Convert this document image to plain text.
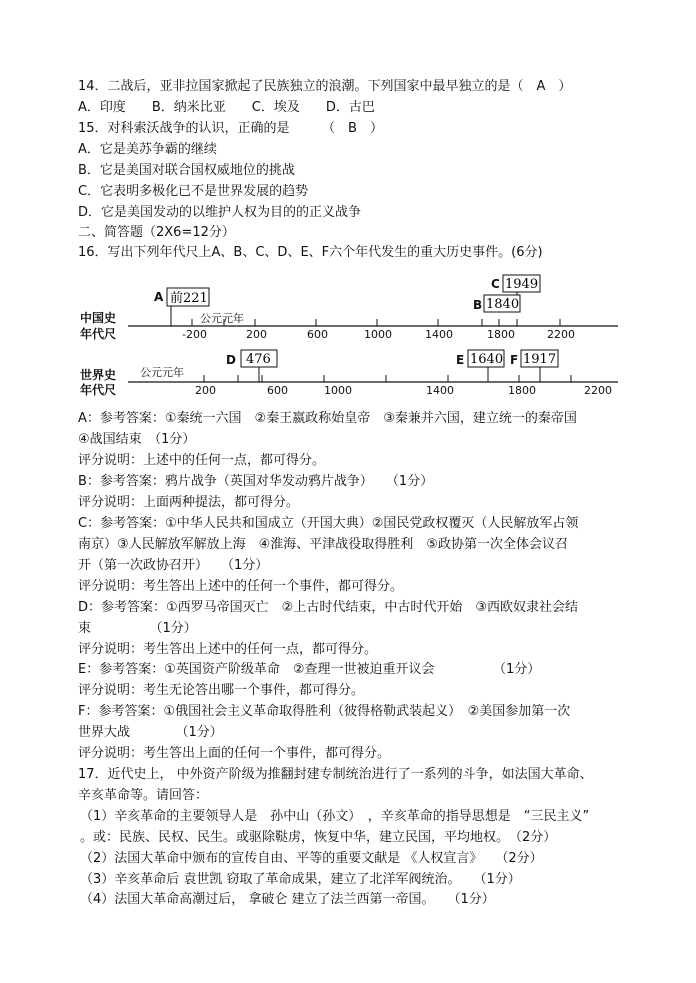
14．二战后，亚非拉国家掀起了民族独立的浪潮。下列国家中最早独立的是（　A　）
A．印度　　B．纳米比亚　　C．埃及　　D．古巴
15．对科索沃战争的认识，正确的是　　　（　B　）
A．它是美苏争霸的继续
B．它是美国对联合国权威地位的挑战
C．它表明多极化已不是世界发展的趋势
D．它是美国发动的以维护人权为目的的正义战争
二、简答题（2X6=12分）
16．写出下列年代尺上A、B、C、D、E、F六个年代发生的重大历史事件。(6分)
中国史
年代尺	-200	200	600	1000	1400	1800	2200
公元元年
A 前221	B 1840
C 1949
世界史
年代尺
公元元年
200	600	1000	1400	1800	2200
D 476	E 1640 F 1917
A：参考答案：①秦统一六国　②秦王嬴政称始皇帝　③秦兼并六国，建立统一的秦帝国
④战国结束　（1分）
评分说明：上述中的任何一点，都可得分。
B：参考答案：鸦片战争（英国对华发动鸦片战争）　　（1分）
评分说明：上面两种提法，都可得分。
C：参考答案：①中华人民共和国成立（开国大典）②国民党政权覆灭（人民解放军占领
南京）③人民解放军解放上海　④淮海、平津战役取得胜利　⑤政协第一次全体会议召
开（第一次政协召开）　　（1分）
评分说明：考生答出上述中的任何一个事件，都可得分。
D：参考答案：①西罗马帝国灭亡　②上古时代结束，中古时代开始　③西欧奴隶社会结
束　　　　　（1分）
评分说明：考生答出上述中的任何一点，都可得分。
E：参考答案：①英国资产阶级革命　②查理一世被迫重开议会　　　　　（1分）
评分说明：考生无论答出哪一个事件，都可得分。
F：参考答案：①俄国社会主义革命取得胜利（彼得格勒武装起义）　②美国参加第一次
世界大战　　　　（1分）
评分说明：考生答出上面的任何一个事件，都可得分。
17．近代史上， 中外资产阶级为推翻封建专制统治进行了一系列的斗争，如法国大革命、
辛亥革命等。请回答：
（1）辛亥革命的主要领导人是　孙中山（孙文）　，辛亥革命的指导思想是　“三民主义”
。或：民族、民权、民生。或驱除鞑虏，恢复中华，建立民国，平均地权。　（2分）
（2）法国大革命中颁布的宣传自由、平等的重要文献是 《人权宣言》　　（2分）
（3）辛亥革命后 袁世凯 窃取了革命成果，建立了北洋军阀统治。　　（1分）
（4）法国大革命高潮过后， 拿破仑 建立了法兰西第一帝国。　　（1分）
